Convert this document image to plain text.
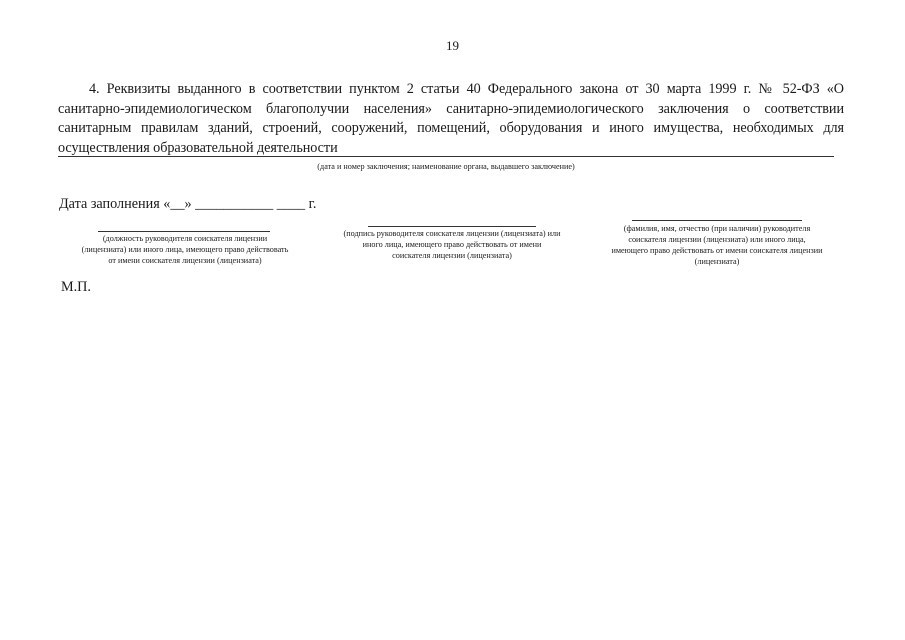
19
4. Реквизиты выданного в соответствии пунктом 2 статьи 40 Федерального закона от 30 марта 1999 г. № 52-ФЗ «О санитарно-эпидемиологическом благополучии населения» санитарно-эпидемиологического заключения о соответствии санитарным правилам зданий, строений, сооружений, помещений, оборудования и иного имущества, необходимых для осуществления образовательной деятельности
(дата и номер заключения; наименование органа, выдавшего заключение)
Дата заполнения «__» ___________ ____ г.
(должность руководителя соискателя лицензии (лицензиата) или иного лица, имеющего право действовать от имени соискателя лицензии (лицензиата)
(подпись руководителя соискателя лицензии (лицензиата) или иного лица, имеющего право действовать от имени соискателя лицензии (лицензиата)
(фамилия, имя, отчество (при наличии) руководителя соискателя лицензии (лицензиата) или иного лица, имеющего право действовать от имени соискателя лицензии (лицензиата)
М.П.
